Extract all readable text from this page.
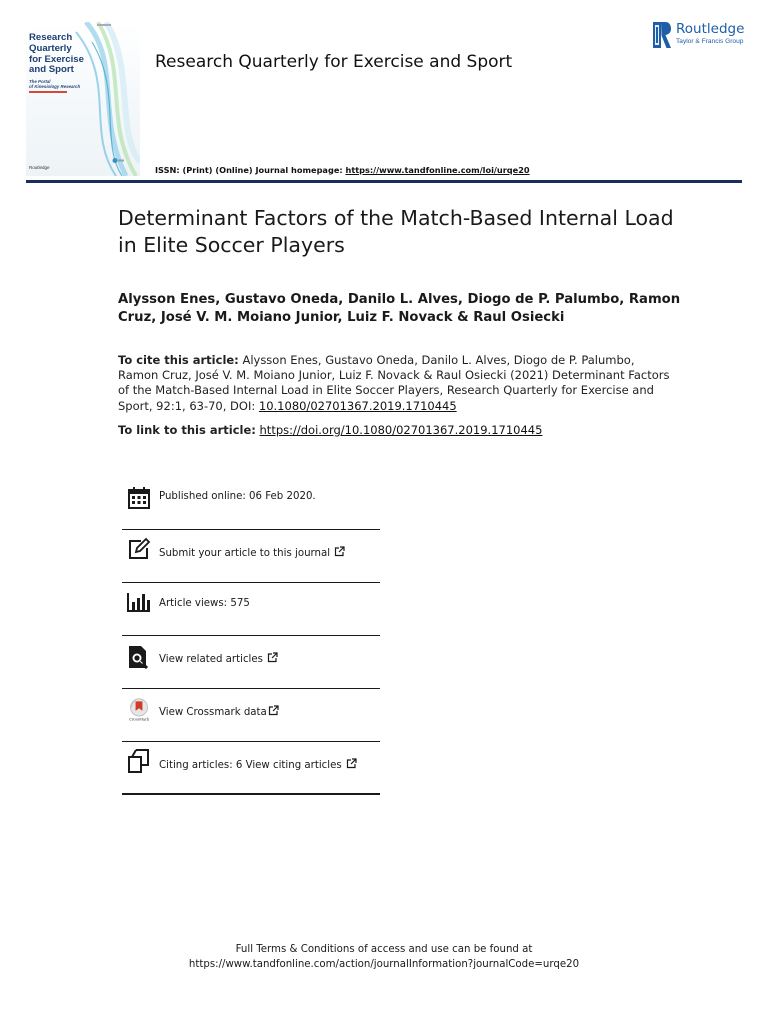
Research
Quarterly
for Exercise
and Sport
The Portal
of Kinesiology Research
Routledge
Research Quarterly for Exercise and Sport
Routledge
Taylor & Francis Group
ISSN: (Print) (Online) Journal homepage: https://www.tandfonline.com/loi/urqe20
Determinant Factors of the Match-Based Internal Load in Elite Soccer Players
Alysson Enes, Gustavo Oneda, Danilo L. Alves, Diogo de P. Palumbo, Ramon Cruz, José V. M. Moiano Junior, Luiz F. Novack & Raul Osiecki
To cite this article: Alysson Enes, Gustavo Oneda, Danilo L. Alves, Diogo de P. Palumbo, Ramon Cruz, José V. M. Moiano Junior, Luiz F. Novack & Raul Osiecki (2021) Determinant Factors of the Match-Based Internal Load in Elite Soccer Players, Research Quarterly for Exercise and Sport, 92:1, 63-70, DOI: 10.1080/02701367.2019.1710445
To link to this article: https://doi.org/10.1080/02701367.2019.1710445
Published online: 06 Feb 2020.
Submit your article to this journal
Article views: 575
View related articles
CrossMark
View Crossmark data
Citing articles: 6 View citing articles
Full Terms & Conditions of access and use can be found at
https://www.tandfonline.com/action/journalInformation?journalCode=urqe20
